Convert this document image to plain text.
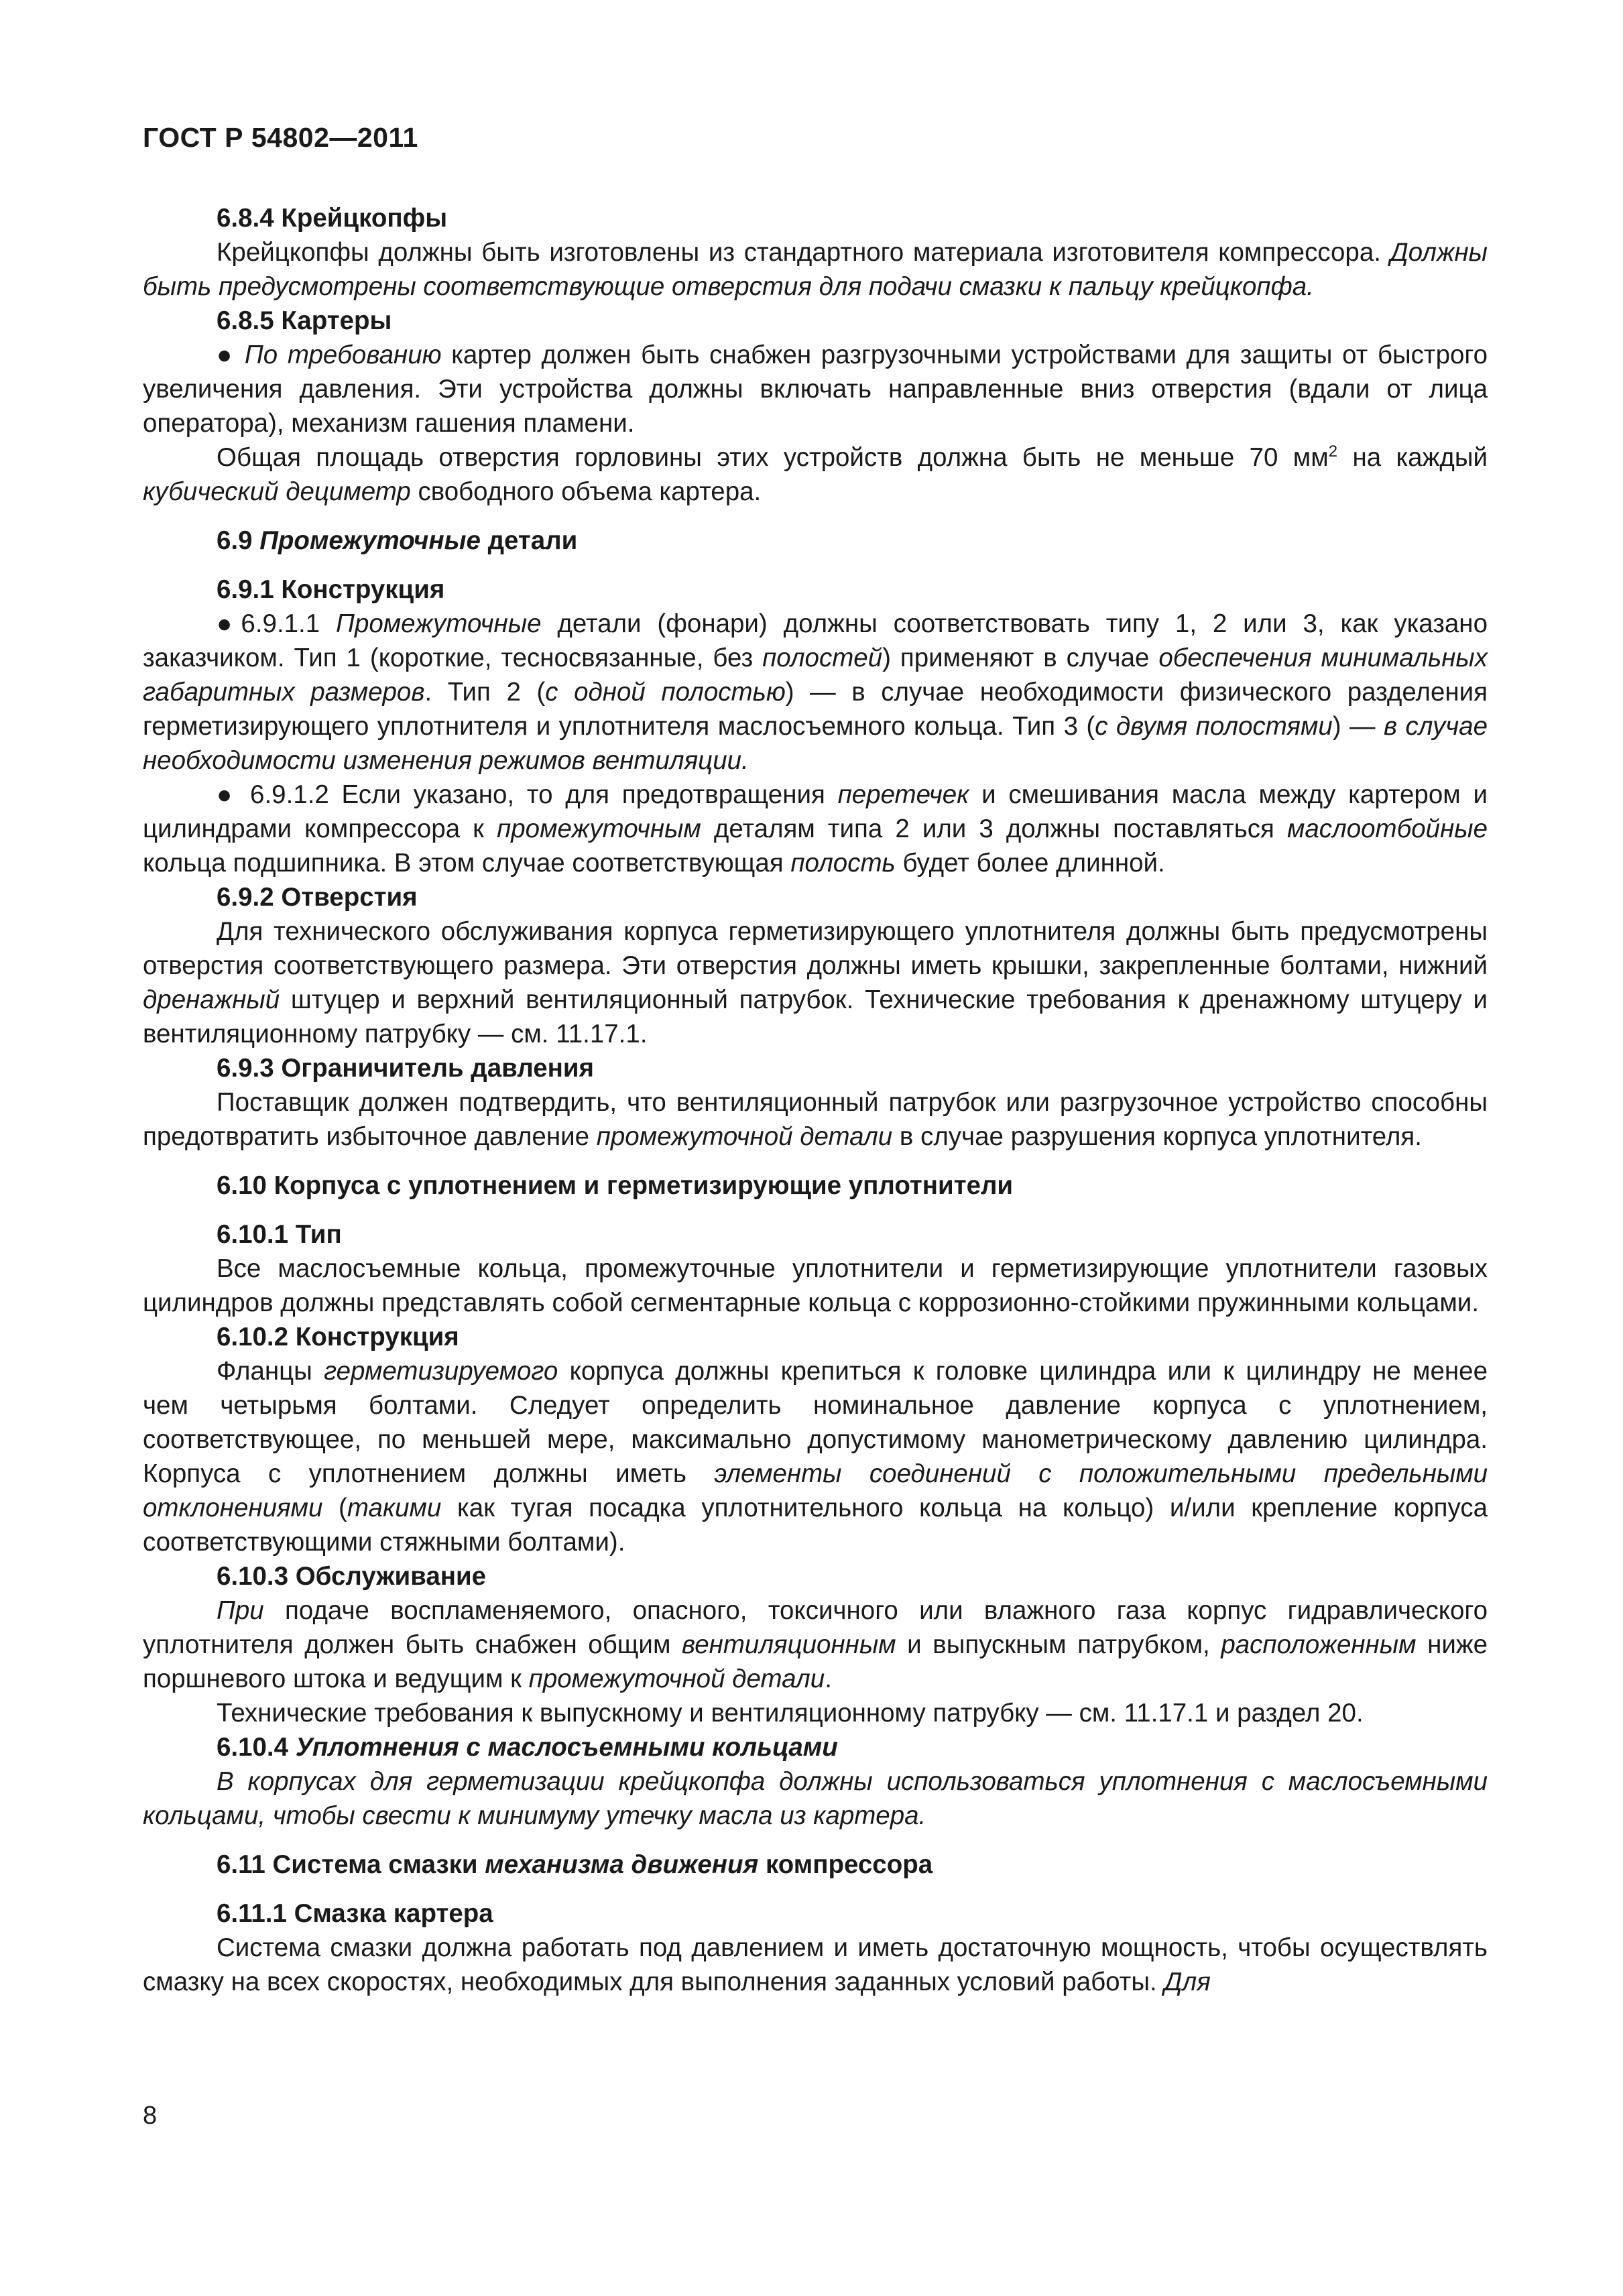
ГОСТ Р 54802—2011

6.8.4 Крейцкопфы

Крейцкопфы должны быть изготовлены из стандартного материала изготовителя компрессора. Должны быть предусмотрены соответствующие отверстия для подачи смазки к пальцу крейцкопфа.

6.8.5 Картеры

● По требованию картер должен быть снабжен разгрузочными устройствами для защиты от быстрого увеличения давления. Эти устройства должны включать направленные вниз отверстия (вдали от лица оператора), механизм гашения пламени.

Общая площадь отверстия горловины этих устройств должна быть не меньше 70 $мм^2$ на каждый кубический дециметр свободного объема картера.

6.9 Промежуточные детали

6.9.1 Конструкция

●6.9.1.1 Промежуточные детали (фонари) должны соответствовать типу 1, 2 или 3, как указано заказчиком. Тип 1 (короткие, тесносвязанные, без полостей) применяют в случае обеспечения минимальных габаритных размеров. Тип 2 (с одной полостью) — в случае необходимости физического разделения герметизирующего уплотнителя и уплотнителя маслосъемного кольца. Тип 3 (с двумя полостями) — в случае необходимости изменения режимов вентиляции.

● 6.9.1.2 Если указано, то для предотвращения перетечек и смешивания масла между картером и цилиндрами компрессора к промежуточным деталям типа 2 или 3 должны поставляться маслоотбойные кольца подшипника. В этом случае соответствующая полость будет более длинной.

6.9.2 Отверстия

Для технического обслуживания корпуса герметизирующего уплотнителя должны быть предусмотрены отверстия соответствующего размера. Эти отверстия должны иметь крышки, закрепленные болтами, нижний дренажный штуцер и верхний вентиляционный патрубок. Технические требования к дренажному штуцеру и вентиляционному патрубку — см. 11.17.1.

6.9.3 Ограничитель давления

Поставщик должен подтвердить, что вентиляционный патрубок или разгрузочное устройство способны предотвратить избыточное давление промежуточной детали в случае разрушения корпуса уплотнителя.

6.10 Корпуса с уплотнением и герметизирующие уплотнители

6.10.1 Тип

Все маслосъемные кольца, промежуточные уплотнители и герметизирующие уплотнители газовых цилиндров должны представлять собой сегментарные кольца с коррозионно-стойкими пружинными кольцами.

6.10.2 Конструкция

Фланцы герметизируемого корпуса должны крепиться к головке цилиндра или к цилиндру не менее чем четырьмя болтами. Следует определить номинальное давление корпуса с уплотнением, соответствующее, по меньшей мере, максимально допустимому манометрическому давлению цилиндра. Корпуса с уплотнением должны иметь элементы соединений с положительными предельными отклонениями (такими как тугая посадка уплотнительного кольца на кольцо) и/или крепление корпуса соответствующими стяжными болтами).

6.10.3 Обслуживание

При подаче воспламеняемого, опасного, токсичного или влажного газа корпус гидравлического уплотнителя должен быть снабжен общим вентиляционным и выпускным патрубком, расположенным ниже поршневого штока и ведущим к промежуточной детали.

Технические требования к выпускному и вентиляционному патрубку — см. 11.17.1 и раздел 20.

6.10.4 Уплотнения с маслосъемными кольцами

В корпусах для герметизации крейцкопфа должны использоваться уплотнения с маслосъемными кольцами, чтобы свести к минимуму утечку масла из картера.

6.11 Система смазки механизма движения компрессора

6.11.1 Смазка картера

Система смазки должна работать под давлением и иметь достаточную мощность, чтобы осуществлять смазку на всех скоростях, необходимых для выполнения заданных условий работы. Для

8
